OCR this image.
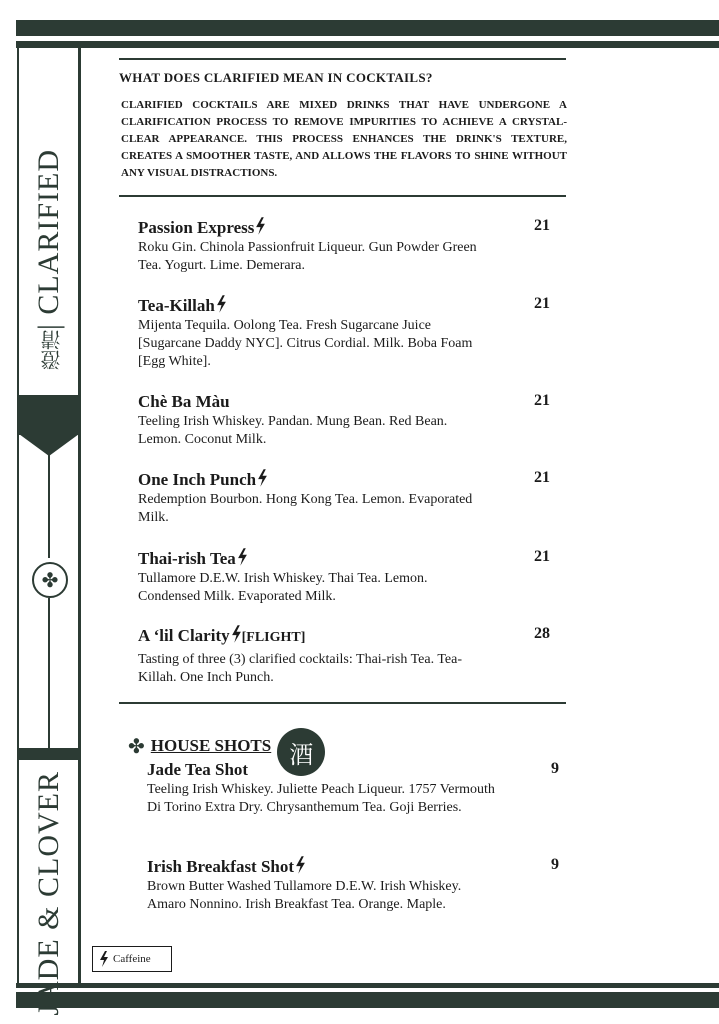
| CLARIFIED
澄清
✤
JADE & CLOVER
WHAT DOES CLARIFIED MEAN IN COCKTAILS?
CLARIFIED COCKTAILS ARE MIXED DRINKS THAT HAVE UNDERGONE A CLARIFICATION PROCESS TO REMOVE IMPURITIES TO ACHIEVE A CRYSTAL-CLEAR APPEARANCE. THIS PROCESS ENHANCES THE DRINK'S TEXTURE, CREATES A SMOOTHER TASTE, AND ALLOWS THE FLAVORS TO SHINE WITHOUT ANY VISUAL DISTRACTIONS.
Passion Express	21
Roku Gin. Chinola Passionfruit Liqueur. Gun Powder Green Tea. Yogurt. Lime. Demerara.
Tea-Killah	21
Mijenta Tequila. Oolong Tea. Fresh Sugarcane Juice [Sugarcane Daddy NYC]. Citrus Cordial. Milk. Boba Foam [Egg White].
Chè Ba Màu	21
Teeling Irish Whiskey. Pandan. Mung Bean. Red Bean. Lemon. Coconut Milk.
One Inch Punch	21
Redemption Bourbon. Hong Kong Tea. Lemon. Evaporated Milk.
Thai-rish Tea	21
Tullamore D.E.W. Irish Whiskey. Thai Tea. Lemon. Condensed Milk. Evaporated Milk.
A ‘lil Clarity [FLIGHT]	28
Tasting of three (3) clarified cocktails: Thai-rish Tea. Tea-Killah. One Inch Punch.
✤ HOUSE SHOTS 酒
Jade Tea Shot	9
Teeling Irish Whiskey. Juliette Peach Liqueur. 1757 Vermouth Di Torino Extra Dry. Chrysanthemum Tea. Goji Berries.
Irish Breakfast Shot	9
Brown Butter Washed Tullamore D.E.W. Irish Whiskey. Amaro Nonnino. Irish Breakfast Tea. Orange. Maple.
Caffeine
